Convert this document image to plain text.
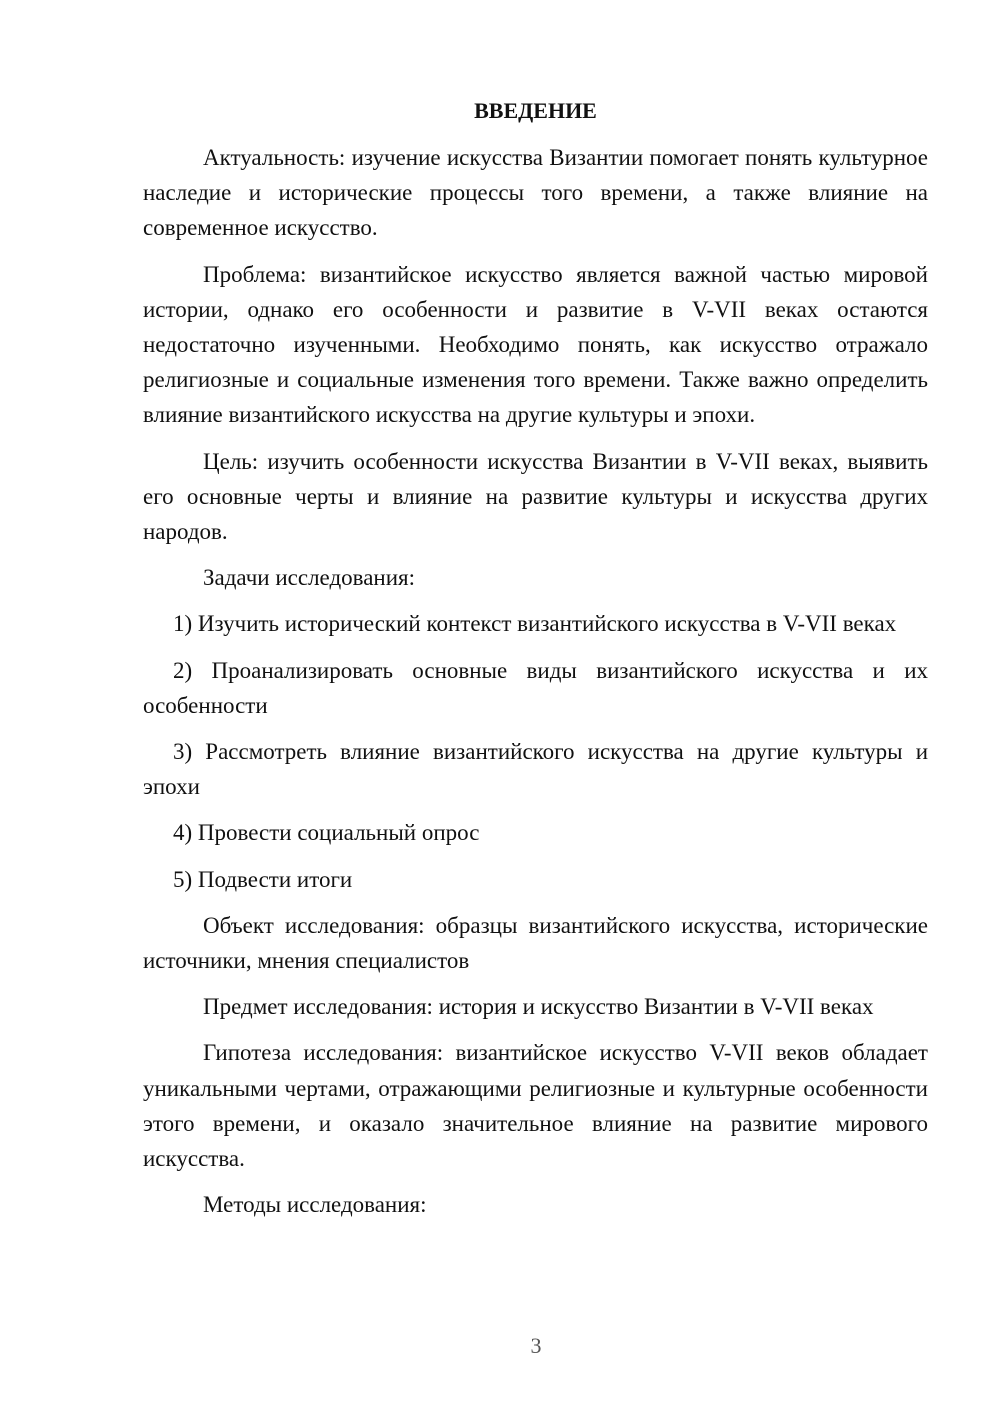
ВВЕДЕНИЕ

Актуальность: изучение искусства Византии помогает понять культурное наследие и исторические процессы того времени, а также влияние на современное искусство.

Проблема: византийское искусство является важной частью мировой истории, однако его особенности и развитие в V-VII веках остаются недостаточно изученными. Необходимо понять, как искусство отражало религиозные и социальные изменения того времени. Также важно определить влияние византийского искусства на другие культуры и эпохи.

Цель: изучить особенности искусства Византии в V-VII веках, выявить его основные черты и влияние на развитие культуры и искусства других народов.

Задачи исследования:

1) Изучить исторический контекст византийского искусства в V-VII веках

2) Проанализировать основные виды византийского искусства и их особенности

3) Рассмотреть влияние византийского искусства на другие культуры и эпохи

4) Провести социальный опрос

5) Подвести итоги

Объект исследования: образцы византийского искусства, исторические источники, мнения специалистов

Предмет исследования: история и искусство Византии в V-VII веках

Гипотеза исследования: византийское искусство V-VII веков обладает уникальными чертами, отражающими религиозные и культурные особенности этого времени, и оказало значительное влияние на развитие мирового искусства.

Методы исследования:

3
